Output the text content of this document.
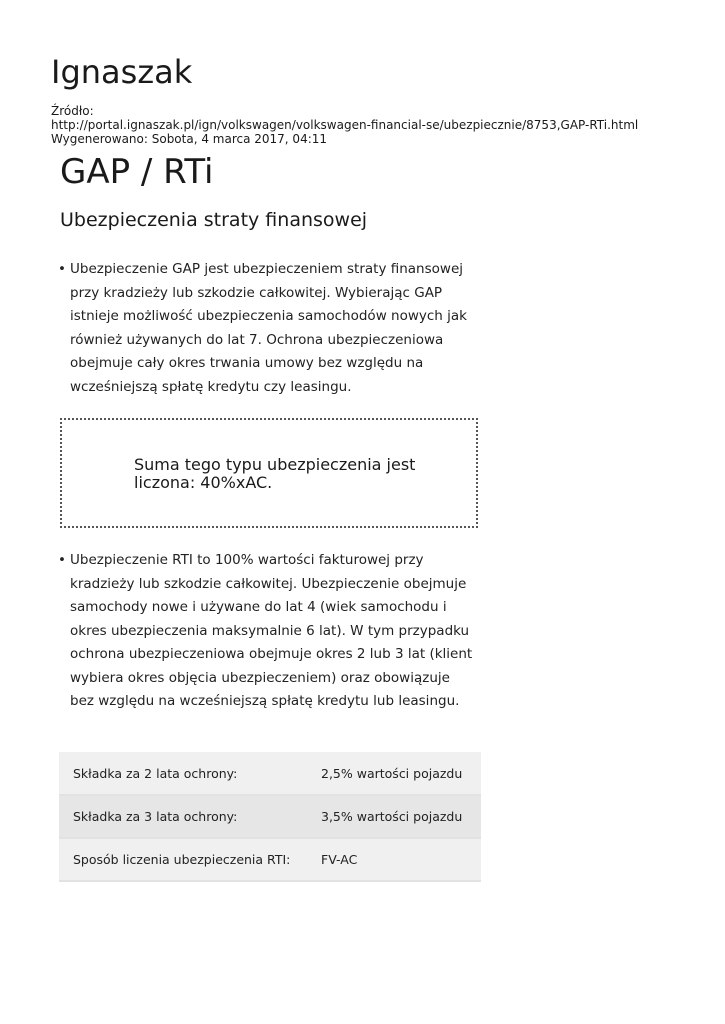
Ignaszak
Źródło:
http://portal.ignaszak.pl/ign/volkswagen/volkswagen-financial-se/ubezpiecznie/8753,GAP-RTi.html
Wygenerowano: Sobota, 4 marca 2017, 04:11
GAP / RTi
Ubezpieczenia straty finansowej
• Ubezpieczenie GAP jest ubezpieczeniem straty finansowej przy kradzieży lub szkodzie całkowitej. Wybierając GAP istnieje możliwość ubezpieczenia samochodów nowych jak również używanych do lat 7. Ochrona ubezpieczeniowa obejmuje cały okres trwania umowy bez względu na wcześniejszą spłatę kredytu czy leasingu.
Suma tego typu ubezpieczenia jest liczona: 40%xAC.
• Ubezpieczenie RTI to 100% wartości fakturowej przy kradzieży lub szkodzie całkowitej. Ubezpieczenie obejmuje samochody nowe i używane do lat 4 (wiek samochodu i okres ubezpieczenia maksymalnie 6 lat). W tym przypadku ochrona ubezpieczeniowa obejmuje okres 2 lub 3 lat (klient wybiera okres objęcia ubezpieczeniem) oraz obowiązuje bez względu na wcześniejszą spłatę kredytu lub leasingu.
Składka za 2 lata ochrony:	2,5% wartości pojazdu
Składka za 3 lata ochrony:	3,5% wartości pojazdu
Sposób liczenia ubezpieczenia RTI:	FV-AC
